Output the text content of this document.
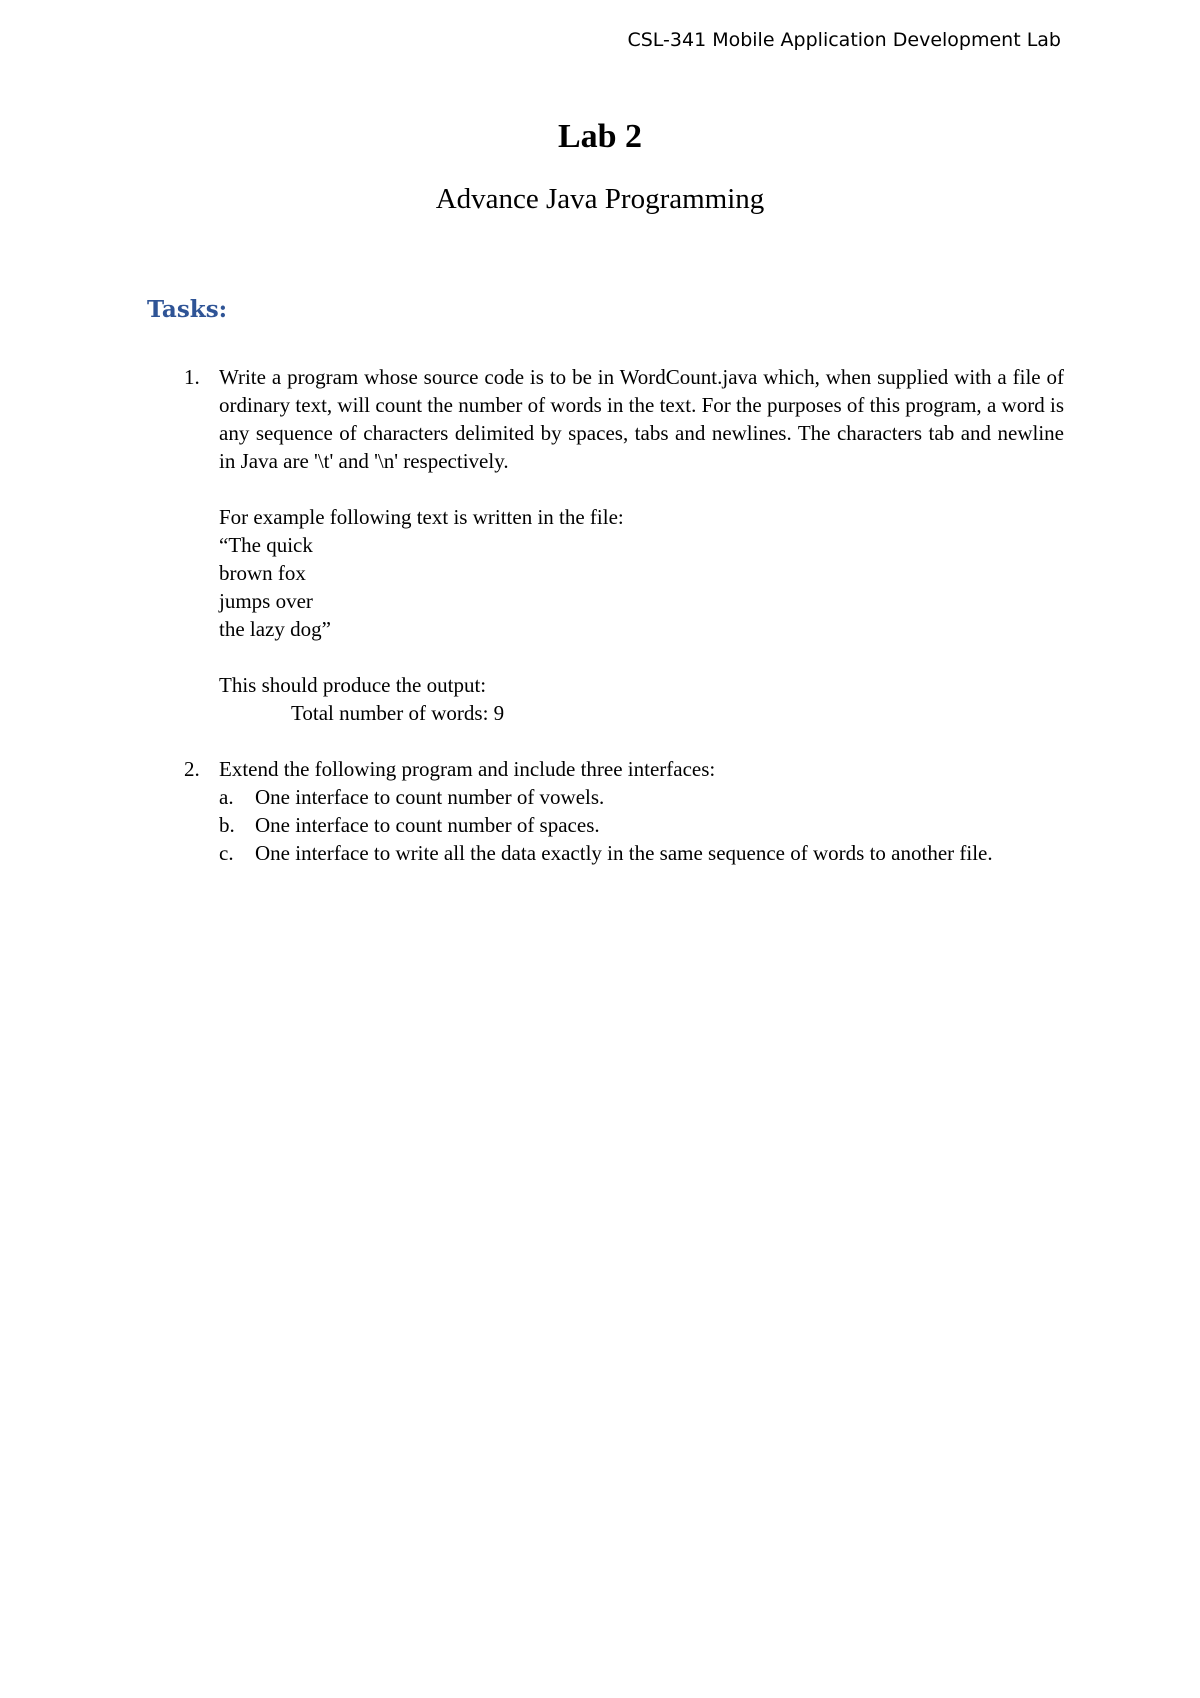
CSL-341 Mobile Application Development Lab
Lab 2
Advance Java Programming
Tasks:
1. Write a program whose source code is to be in WordCount.java which, when supplied with a file of ordinary text, will count the number of words in the text. For the purposes of this program, a word is any sequence of characters delimited by spaces, tabs and newlines. The characters tab and newline in Java are '\t' and '\n' respectively.

For example following text is written in the file:

“The quick

brown fox

jumps over

the lazy dog”

This should produce the output:

Total number of words: 9

2. Extend the following program and include three interfaces:

a. One interface to count number of vowels.

b. One interface to count number of spaces.

c. One interface to write all the data exactly in the same sequence of words to another file.
